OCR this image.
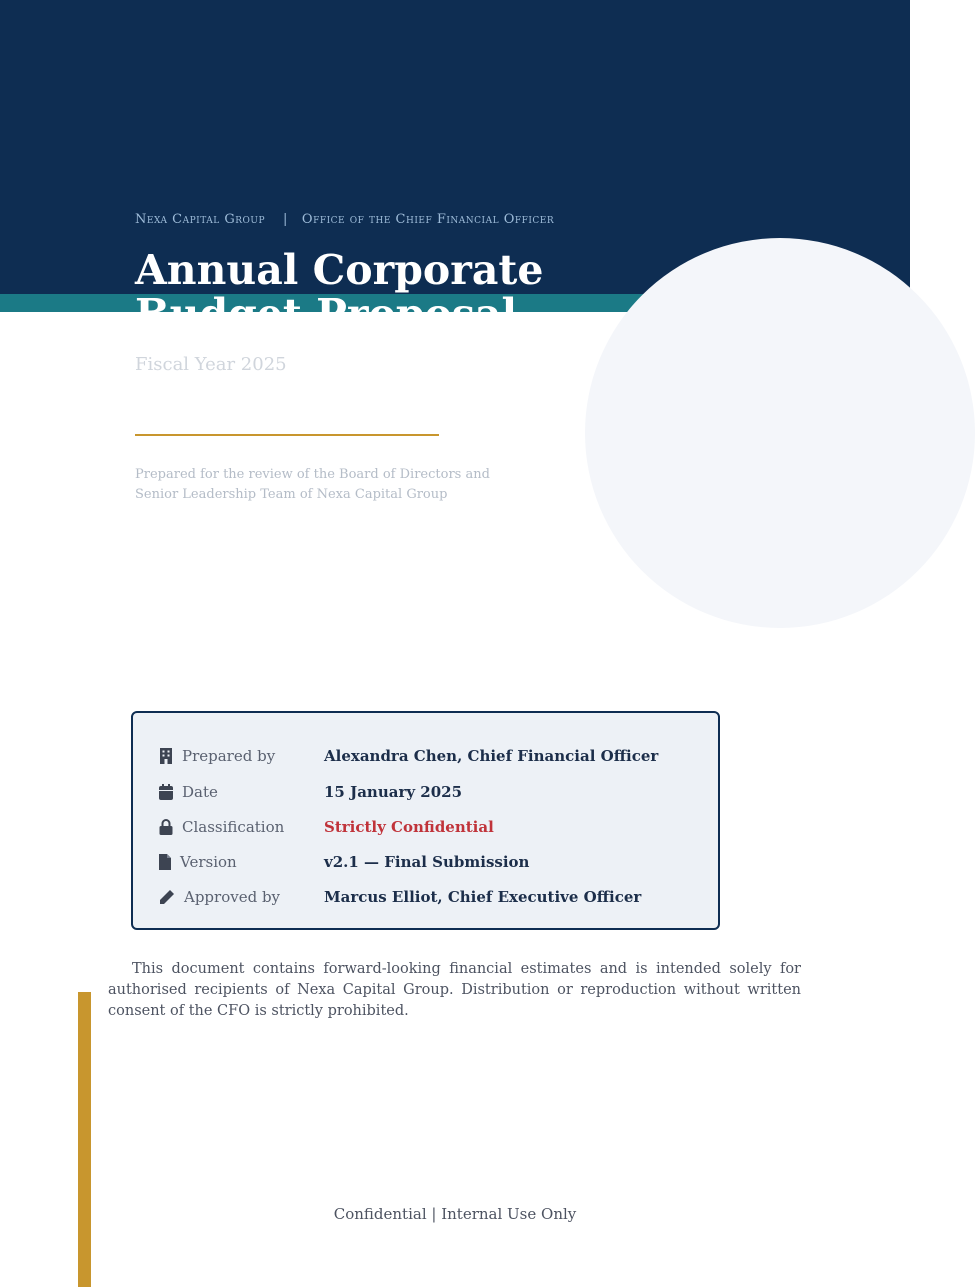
Nexa Capital Group | Office of the Chief Financial Officer
Annual Corporate Budget Proposal
Fiscal Year 2025
Prepared for the review of the Board of Directors and Senior Leadership Team of Nexa Capital Group
Prepared by	Alexandra Chen, Chief Financial Officer
Date	15 January 2025
Classification	Strictly Confidential
Version	v2.1 — Final Submission
Approved by	Marcus Elliot, Chief Executive Officer

This document contains forward-looking financial estimates and is intended solely for authorised recipients of Nexa Capital Group. Distribution or reproduction without written consent of the CFO is strictly prohibited.

Confidential | Internal Use Only
